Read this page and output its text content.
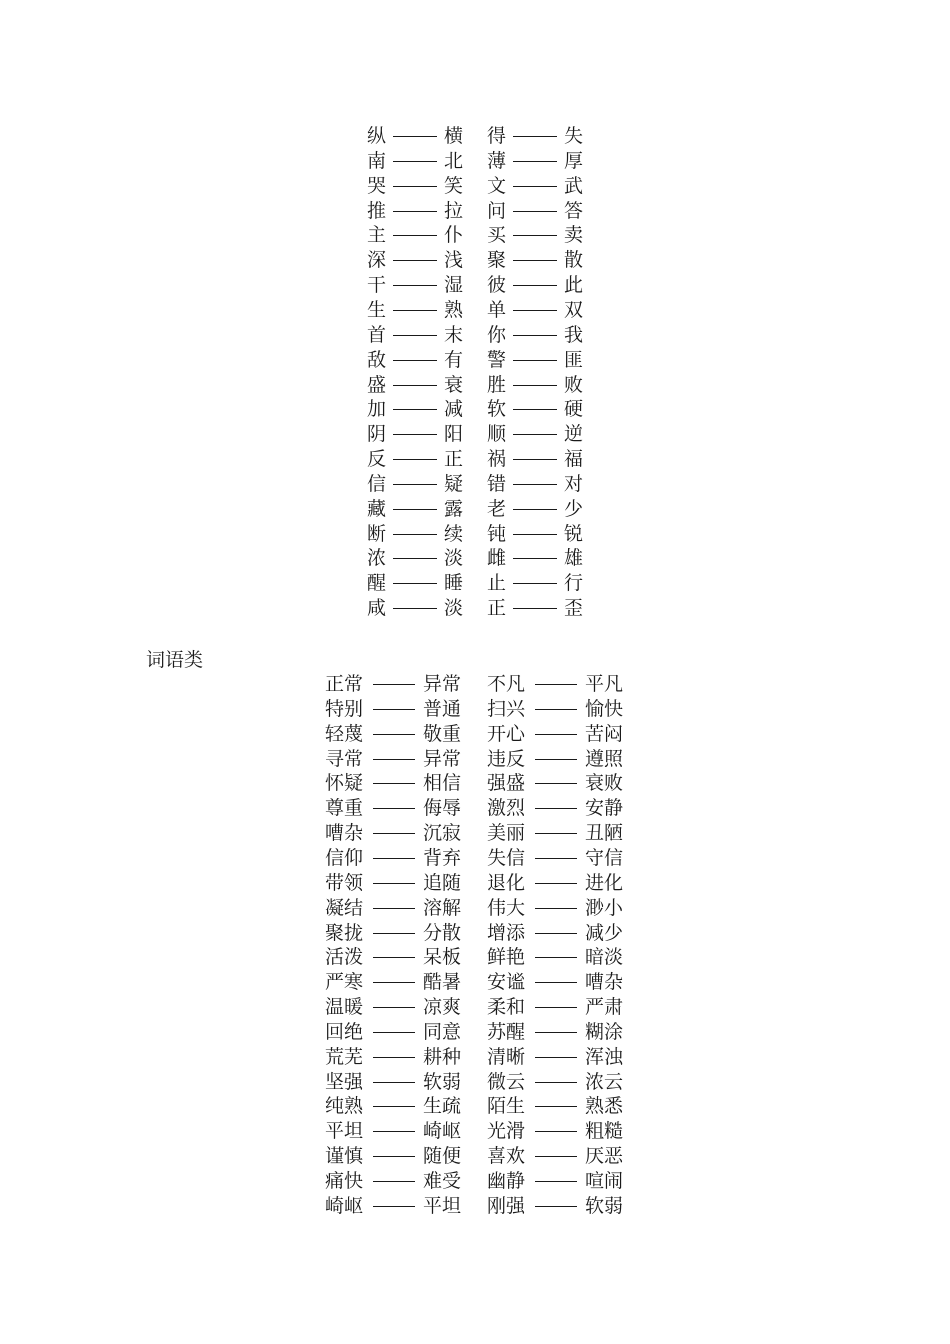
纵	横 得	失
南	北 薄	厚
哭	笑 文	武
推	拉 问	答
主	仆 买	卖
深	浅 聚	散
干	湿 彼	此
生	熟 单	双
首	末 你	我
敌	有 警	匪
盛	衰 胜	败
加	减 软	硬
阴	阳 顺	逆
反	正 祸	福
信	疑 错	对
藏	露 老	少
断	续 钝	锐
浓	淡 雌	雄
醒	睡 止	行
咸	淡 正	歪
词语类
正常	异常 不凡	平凡
特别	普通 扫兴	愉快
轻蔑	敬重 开心	苦闷
寻常	异常 违反	遵照
怀疑	相信 强盛	衰败
尊重	侮辱 激烈	安静
嘈杂	沉寂 美丽	丑陋
信仰	背弃 失信	守信
带领	追随 退化	进化
凝结	溶解 伟大	渺小
聚拢	分散 增添	减少
活泼	呆板 鲜艳	暗淡
严寒	酷暑 安谧	嘈杂
温暖	凉爽 柔和	严肃
回绝	同意 苏醒	糊涂
荒芜	耕种 清晰	浑浊
坚强	软弱 微云	浓云
纯熟	生疏 陌生	熟悉
平坦	崎岖 光滑	粗糙
谨慎	随便 喜欢	厌恶
痛快	难受 幽静	喧闹
崎岖	平坦 刚强	软弱
